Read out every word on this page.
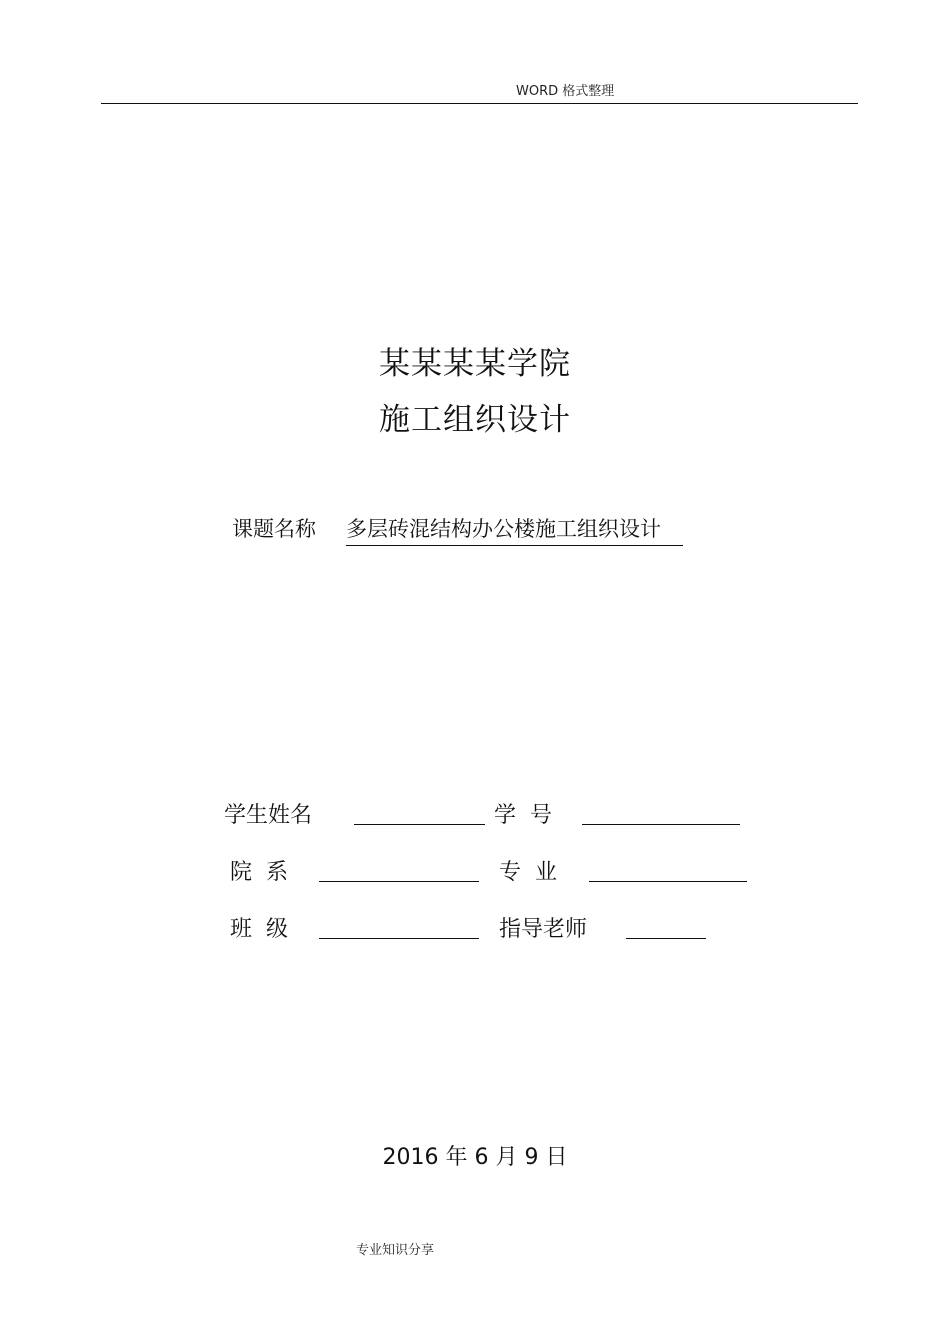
WORD 格式整理
某某某某学院
施工组织设计
课题名称 多层砖混结构办公楼施工组织设计
学生姓名	学  号
院  系	专  业
班  级	指导老师
2016 年 6 月 9 日
专业知识分享
